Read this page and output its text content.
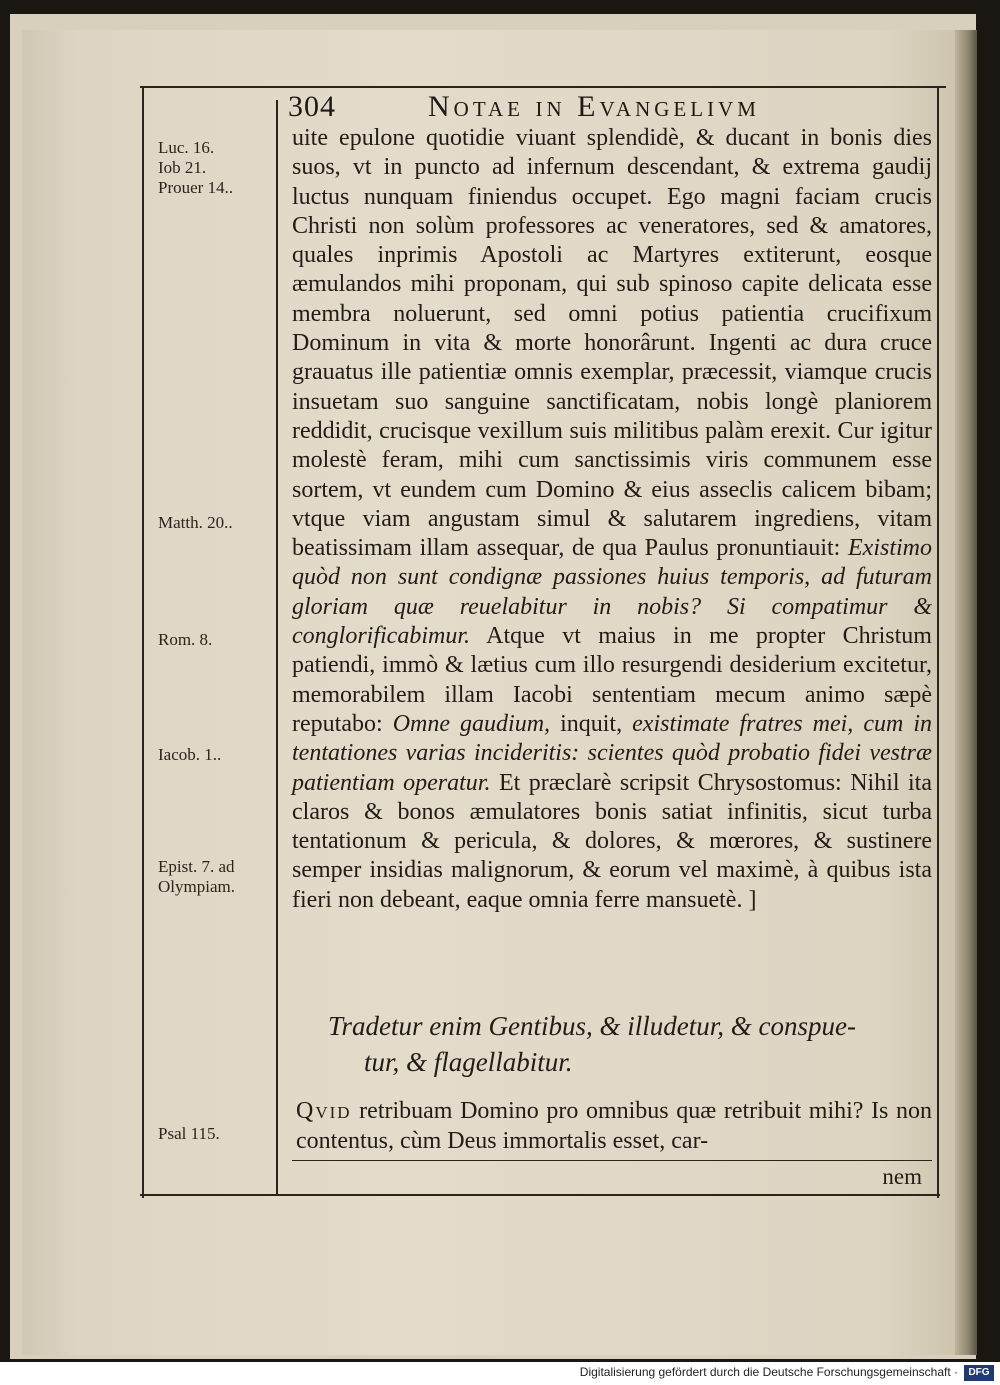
304	Notae in Evangelivm
Luc. 16.
Iob 21.
Prouer 14..
Matth. 20..
Rom. 8.
Iacob. 1..
Epist. 7. ad
Olympiam.
Psal 115.

uite epulone quotidie viuant splendidè, & ducant in bonis dies suos, vt in puncto ad infernum descendant, & extrema gaudij luctus nunquam finiendus occupet. Ego magni faciam crucis Christi non solùm professores ac veneratores, sed & amatores, quales inprimis Apostoli ac Martyres extiterunt, eosque æmulandos mihi proponam, qui sub spinoso capite delicata esse membra noluerunt, sed omni potius patientia crucifixum Dominum in vita & morte honorârunt. Ingenti ac dura cruce grauatus ille patientiæ omnis exemplar, præcessit, viamque crucis insuetam suo sanguine sanctificatam, nobis longè planiorem reddidit, crucisque vexillum suis militibus palàm erexit. Cur igitur molestè feram, mihi cum sanctissimis viris communem esse sortem, vt eundem cum Domino & eius asseclis calicem bibam; vtque viam angustam simul & salutarem ingrediens, vitam beatissimam illam assequar, de qua Paulus pronuntiauit: Existimo quòd non sunt condignæ passiones huius temporis, ad futuram gloriam quæ reuelabitur in nobis? Si compatimur & conglorificabimur. Atque vt maius in me propter Christum patiendi, immò & lætius cum illo resurgendi desiderium excitetur, memorabilem illam Iacobi sententiam mecum animo sæpè reputabo: Omne gaudium, inquit, existimate fratres mei, cum in tentationes varias incideritis: scientes quòd probatio fidei vestræ patientiam operatur. Et præclarè scripsit Chrysostomus: Nihil ita claros & bonos æmulatores bonis satiat infinitis, sicut turba tentationum & pericula, & dolores, & mœrores, & sustinere semper insidias malignorum, & eorum vel maximè, à quibus ista fieri non debeant, eaque omnia ferre mansuetè. ]

Tradetur enim Gentibus, & illudetur, & conspue-
tur, & flagellabitur.
Qvid retribuam Domino pro omnibus quæ retribuit mihi? Is non contentus, cùm Deus immortalis esset, car-
nem
Digitalisierung gefördert durch die Deutsche Forschungsgemeinschaft ·	DFG
